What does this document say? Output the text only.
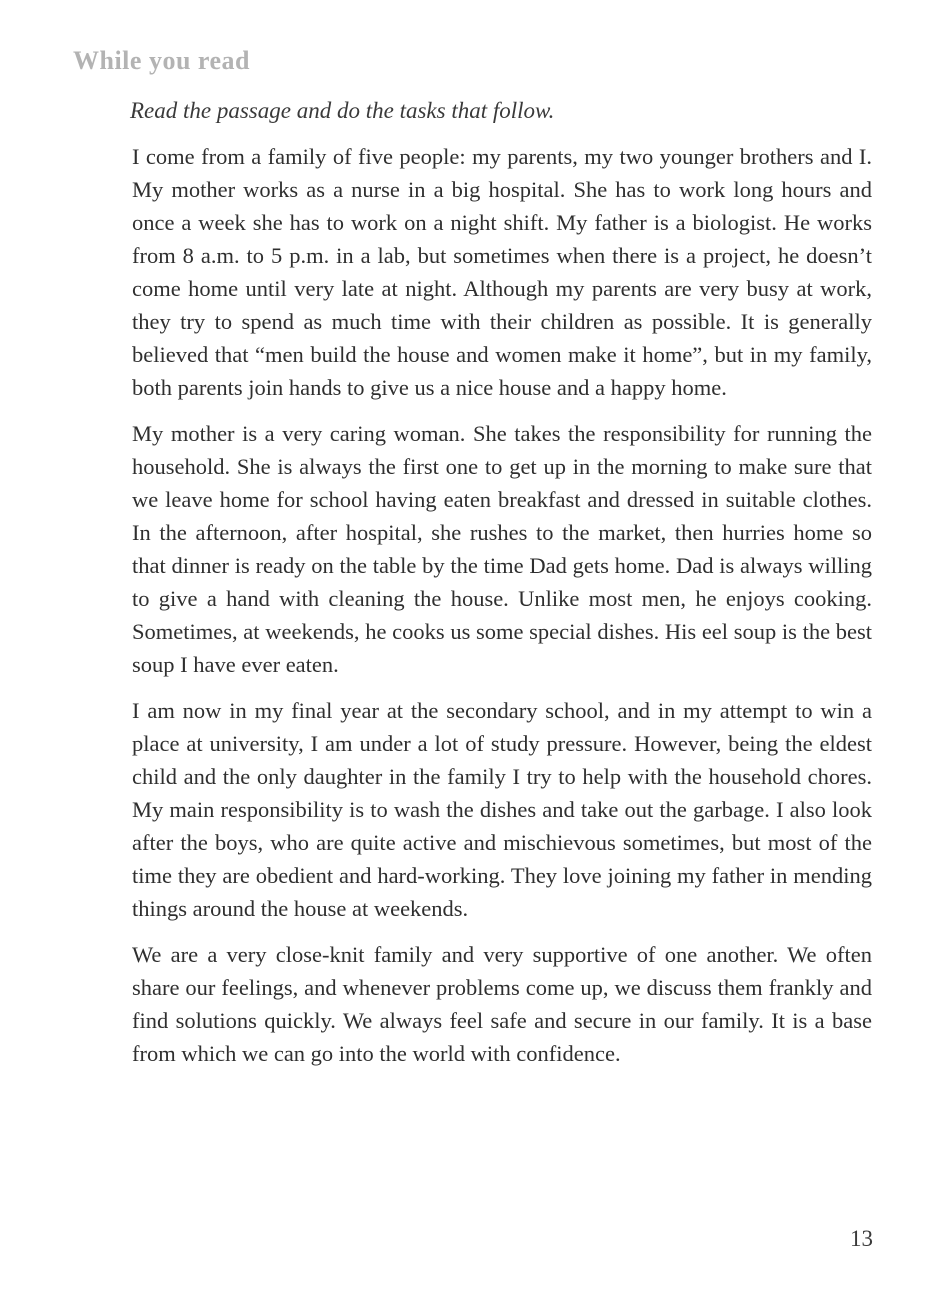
While you read
Read the passage and do the tasks that follow.

I come from a family of five people: my parents, my two younger brothers and I. My mother works as a nurse in a big hospital. She has to work long hours and once a week she has to work on a night shift. My father is a biologist. He works from 8 a.m. to 5 p.m. in a lab, but sometimes when there is a project, he doesn’t come home until very late at night. Although my parents are very busy at work, they try to spend as much time with their children as possible. It is generally believed that “men build the house and women make it home”, but in my family, both parents join hands to give us a nice house and a happy home.

My mother is a very caring woman. She takes the responsibility for running the household. She is always the first one to get up in the morning to make sure that we leave home for school having eaten breakfast and dressed in suitable clothes. In the afternoon, after hospital, she rushes to the market, then hurries home so that dinner is ready on the table by the time Dad gets home. Dad is always willing to give a hand with cleaning the house. Unlike most men, he enjoys cooking. Sometimes, at weekends, he cooks us some special dishes. His eel soup is the best soup I have ever eaten.

I am now in my final year at the secondary school, and in my attempt to win a place at university, I am under a lot of study pressure. However, being the eldest child and the only daughter in the family I try to help with the household chores. My main responsibility is to wash the dishes and take out the garbage. I also look after the boys, who are quite active and mischievous sometimes, but most of the time they are obedient and hard-working. They love joining my father in mending things around the house at weekends.

We are a very close-knit family and very supportive of one another. We often share our feelings, and whenever problems come up, we discuss them frankly and find solutions quickly. We always feel safe and secure in our family. It is a base from which we can go into the world with confidence.

13
